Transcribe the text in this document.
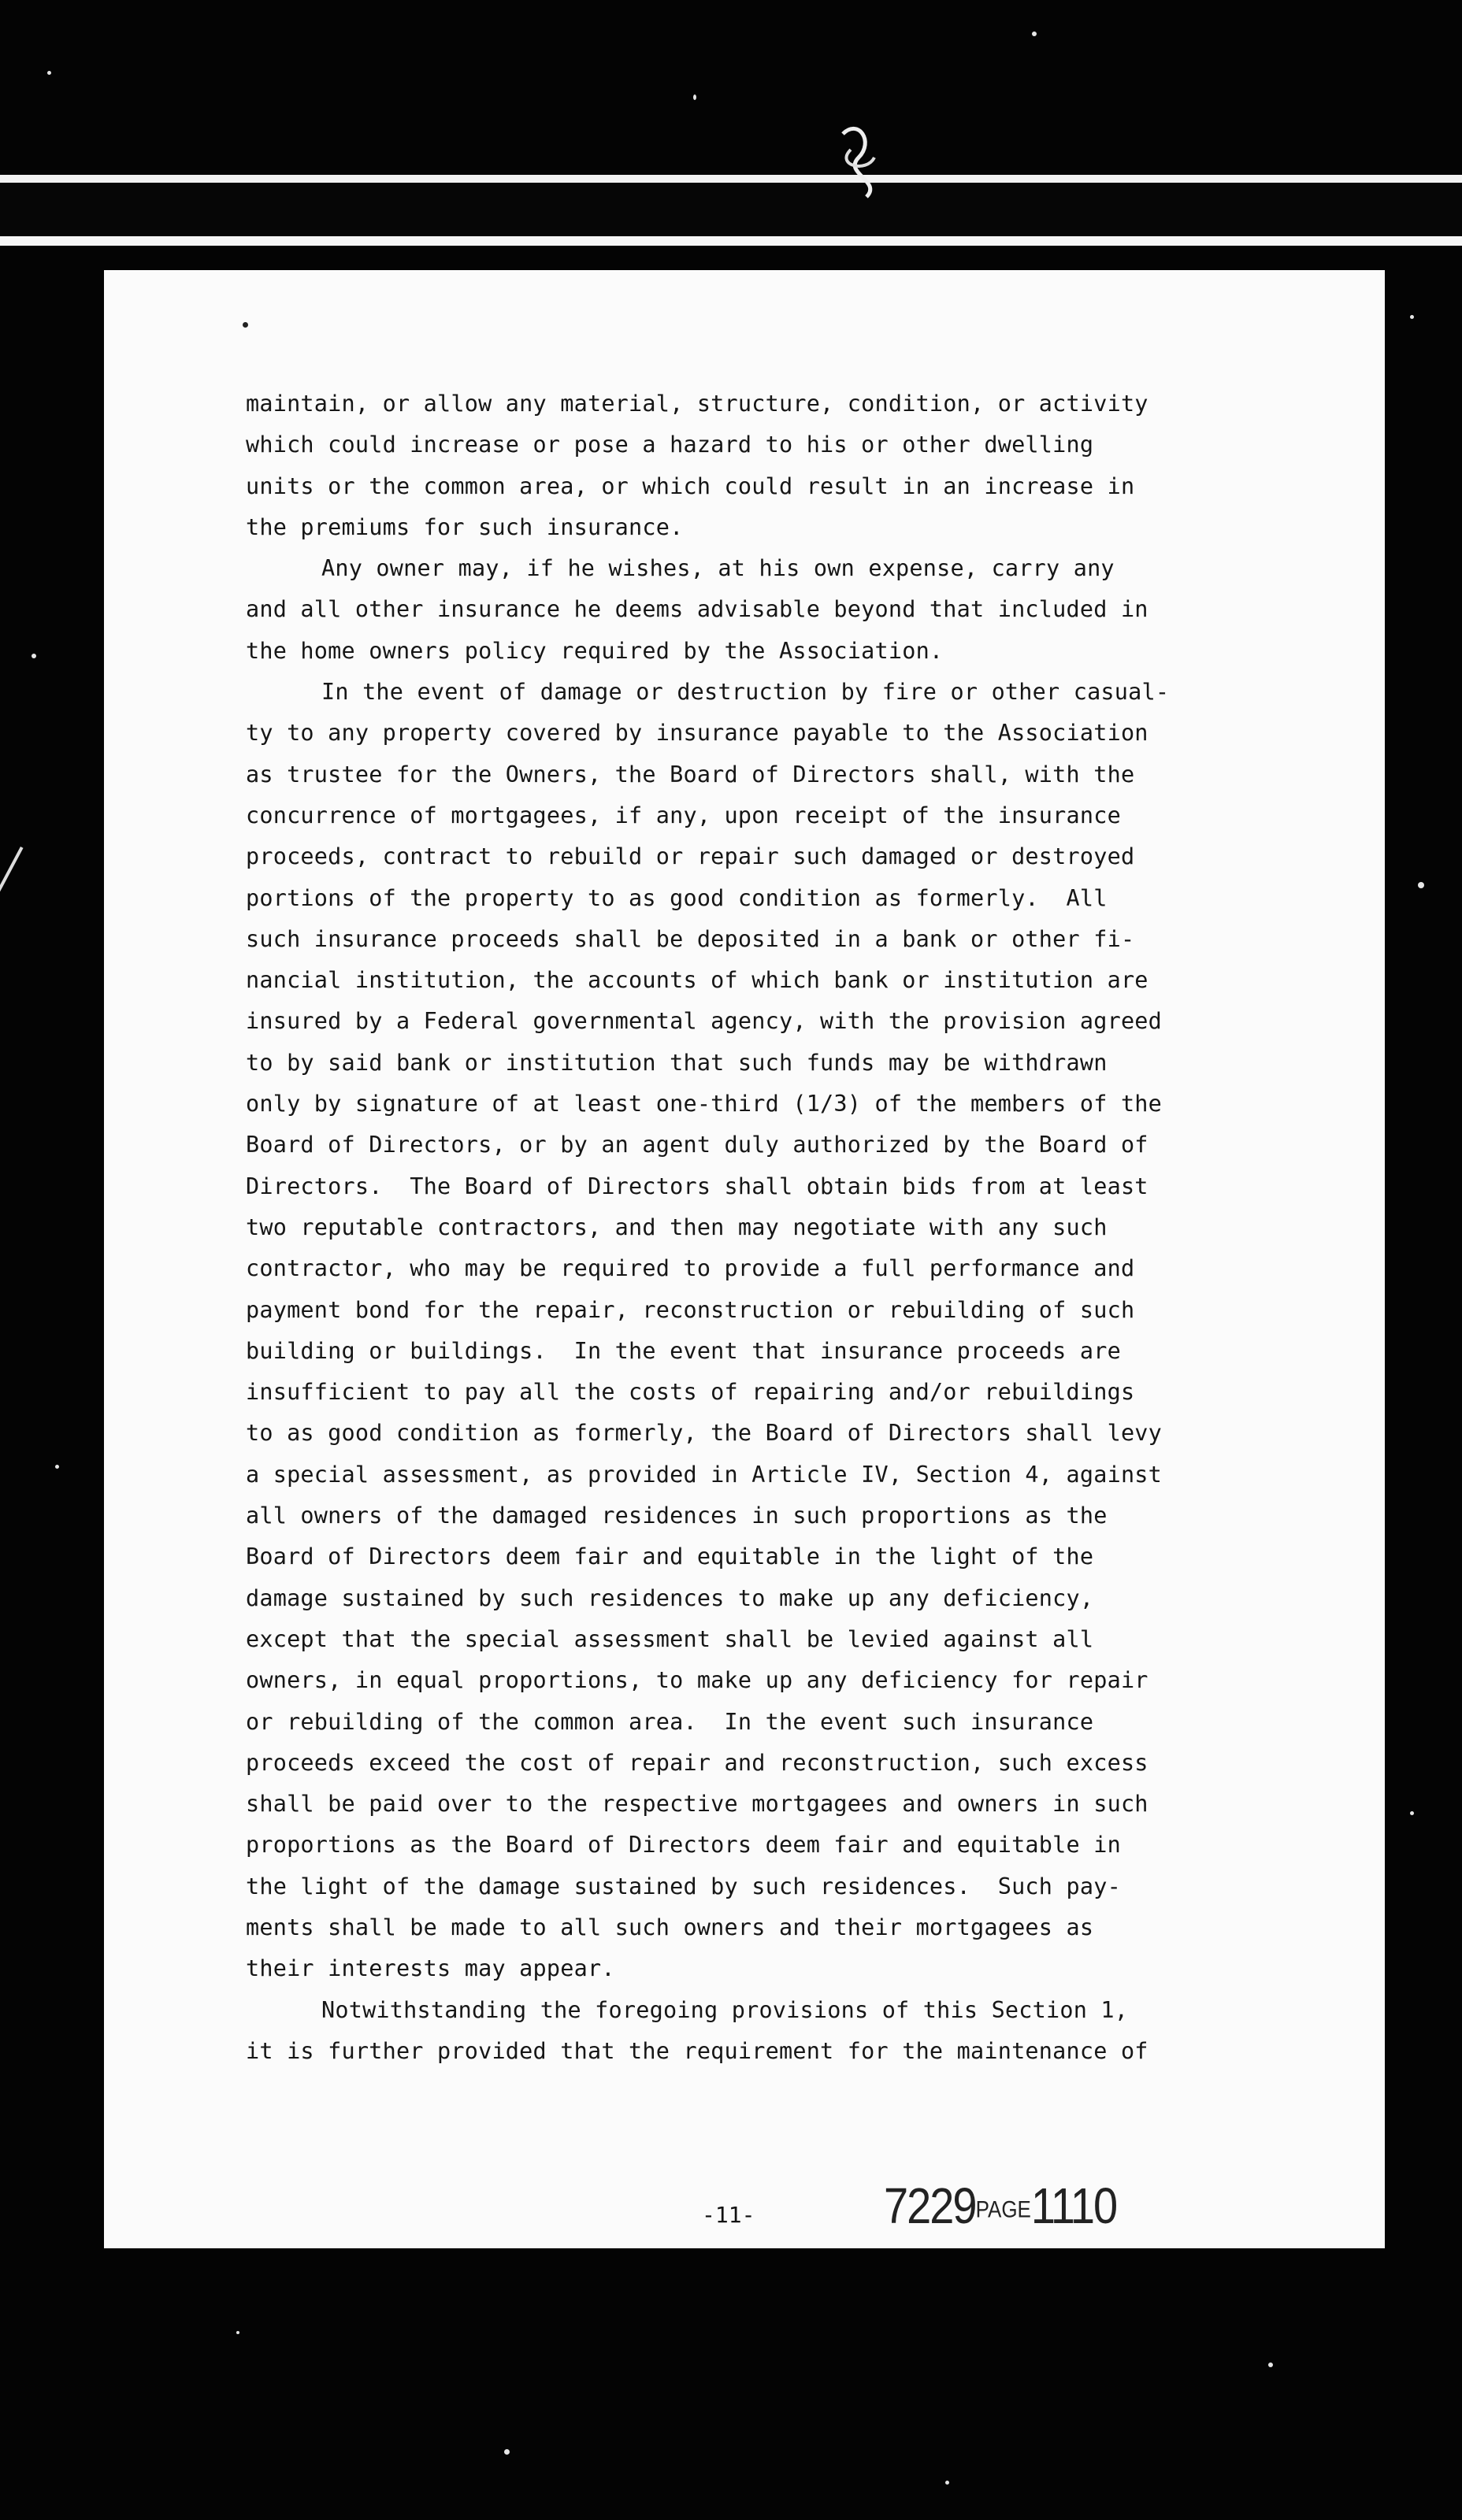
maintain, or allow any material, structure, condition, or activity
which could increase or pose a hazard to his or other dwelling
units or the common area, or which could result in an increase in
the premiums for such insurance.
Any owner may, if he wishes, at his own expense, carry any
and all other insurance he deems advisable beyond that included in
the home owners policy required by the Association.
In the event of damage or destruction by fire or other casual-
ty to any property covered by insurance payable to the Association
as trustee for the Owners, the Board of Directors shall, with the
concurrence of mortgagees, if any, upon receipt of the insurance
proceeds, contract to rebuild or repair such damaged or destroyed
portions of the property to as good condition as formerly.  All
such insurance proceeds shall be deposited in a bank or other fi-
nancial institution, the accounts of which bank or institution are
insured by a Federal governmental agency, with the provision agreed
to by said bank or institution that such funds may be withdrawn
only by signature of at least one-third (1/3) of the members of the
Board of Directors, or by an agent duly authorized by the Board of
Directors.  The Board of Directors shall obtain bids from at least
two reputable contractors, and then may negotiate with any such
contractor, who may be required to provide a full performance and
payment bond for the repair, reconstruction or rebuilding of such
building or buildings.  In the event that insurance proceeds are
insufficient to pay all the costs of repairing and/or rebuildings
to as good condition as formerly, the Board of Directors shall levy
a special assessment, as provided in Article IV, Section 4, against
all owners of the damaged residences in such proportions as the
Board of Directors deem fair and equitable in the light of the
damage sustained by such residences to make up any deficiency,
except that the special assessment shall be levied against all
owners, in equal proportions, to make up any deficiency for repair
or rebuilding of the common area.  In the event such insurance
proceeds exceed the cost of repair and reconstruction, such excess
shall be paid over to the respective mortgagees and owners in such
proportions as the Board of Directors deem fair and equitable in
the light of the damage sustained by such residences.  Such pay-
ments shall be made to all such owners and their mortgagees as
their interests may appear.
Notwithstanding the foregoing provisions of this Section 1,
it is further provided that the requirement for the maintenance of
-11-	7229PAGE1110
